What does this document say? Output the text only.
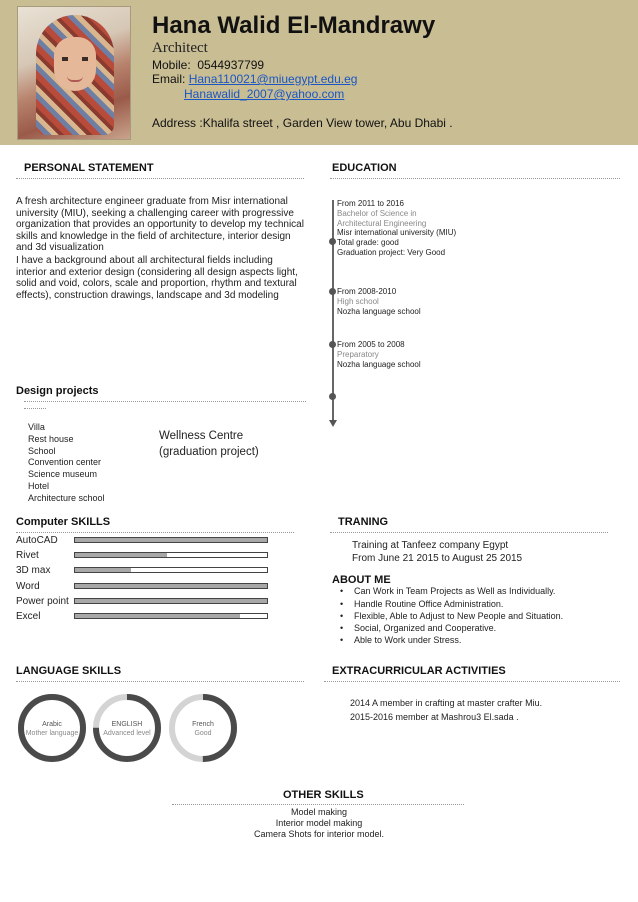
Hana Walid El-Mandrawy
Architect
Mobile: 0544937799
Email: Hana110021@miuegypt.edu.eg
Hanawalid_2007@yahoo.com
Address :Khalifa street , Garden View tower, Abu Dhabi .
PERSONAL STATEMENT
A fresh architecture engineer graduate from Misr international university (MIU), seeking a challenging career with progressive organization that provides an opportunity to develop my technical skills and knowledge in the field of architecture, interior design and 3d visualization
I have a background about all architectural fields including interior and exterior design (considering all design aspects light, solid and void, colors, scale and proportion, rhythm and textural effects), construction drawings, landscape and 3d modeling
EDUCATION
From 2011 to 2016
Bachelor of Science in Architectural Engineering
Misr international university (MIU)
Total grade: good
Graduation project: Very Good
From 2008-2010
High school
Nozha language school
From 2005 to 2008
Preparatory
Nozha language school
Design projects
Villa
Rest house
School
Convention center
Science museum
Hotel
Architecture school
Wellness Centre
(graduation project)
Computer SKILLS
AutoCAD
Rivet
3D max
Word
Power point
Excel
TRANING
Training at Tanfeez company Egypt
From June 21 2015 to August 25 2015
ABOUT ME
• Can Work in Team Projects as Well as Individually.
• Handle Routine Office Administration.
• Flexible, Able to Adjust to New People and Situation.
• Social, Organized and Cooperative.
• Able to Work under Stress.
LANGUAGE SKILLS
Arabic
Mother language
ENGLISH
Advanced level
French
Good
EXTRACURRICULAR ACTIVITIES
2014 A member in crafting at master crafter Miu.
2015-2016 member at Mashrou3 El.sada .
OTHER SKILLS
Model making
Interior model making
Camera Shots for interior model.
